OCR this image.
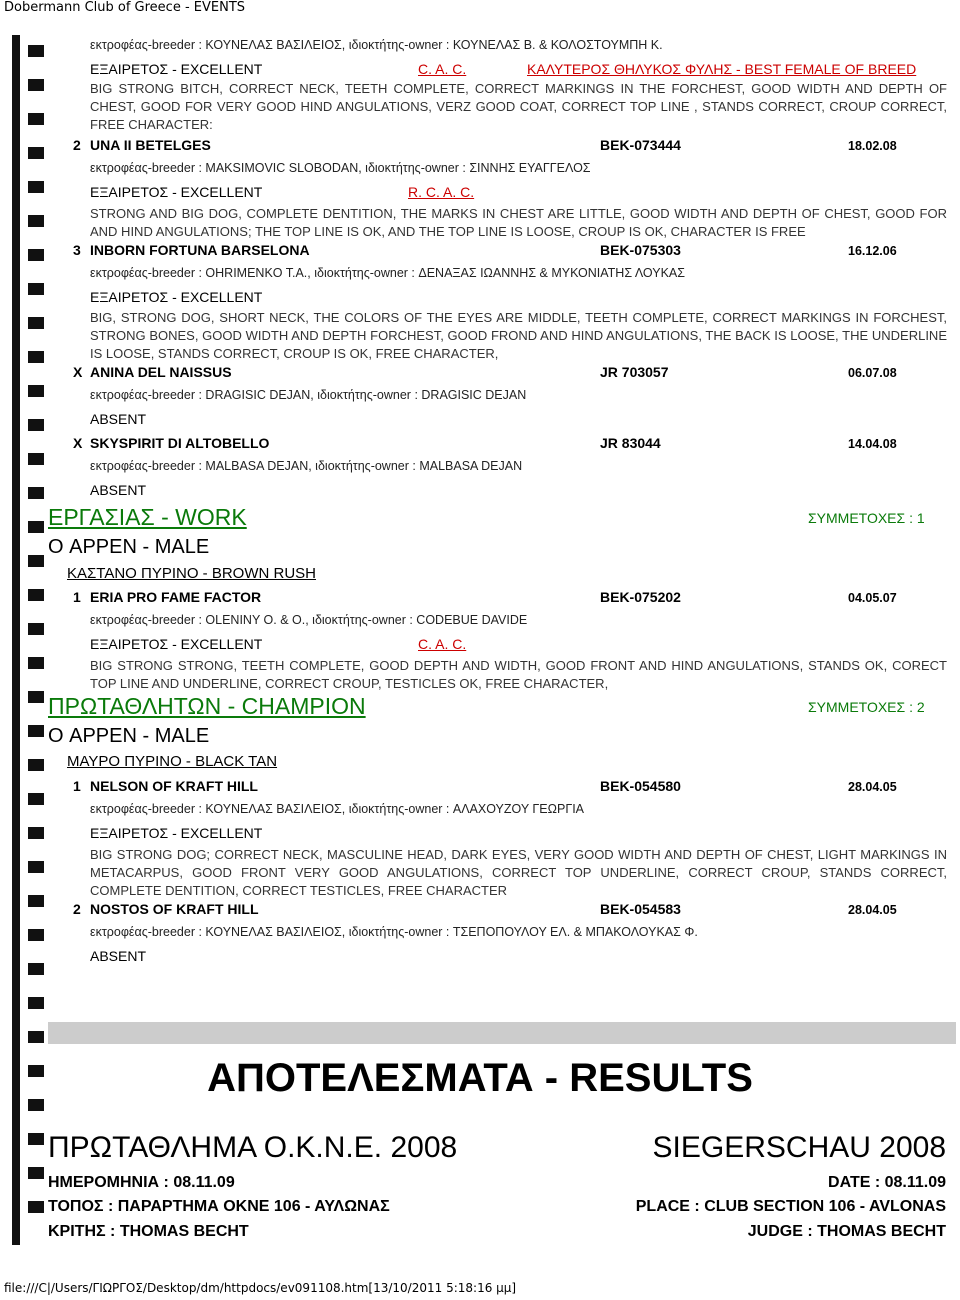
Dobermann Club of Greece - EVENTS
εκτροφέας-breeder : ΚΟΥΝΕΛΑΣ ΒΑΣΙΛΕΙΟΣ, ιδιοκτήτης-owner : ΚΟΥΝΕΛΑΣ Β. & ΚΟΛΟΣΤΟΥΜΠΗ Κ.
ΕΞΑΙΡΕΤΟΣ - EXCELLENT	C. A. C.	ΚΑΛΥΤΕΡΟΣ ΘΗΛΥΚΟΣ ΦΥΛΗΣ - BEST FEMALE OF BREED
BIG STRONG BITCH, CORRECT NECK, TEETH COMPLETE, CORRECT MARKINGS IN THE FORCHEST, GOOD WIDTH AND DEPTH OF CHEST, GOOD FOR VERY GOOD HIND ANGULATIONS, VERZ GOOD COAT, CORRECT TOP LINE , STANDS CORRECT, CROUP CORRECT, FREE CHARACTER:
2 UNA II BETELGES	BEK-073444	18.02.08
εκτροφέας-breeder : MAKSIMOVIC SLOBODAN, ιδιοκτήτης-owner : ΣΙΝΝΗΣ ΕΥΑΓΓΕΛΟΣ
ΕΞΑΙΡΕΤΟΣ - EXCELLENT	R. C. A. C.
STRONG AND BIG DOG, COMPLETE DENTITION, THE MARKS IN CHEST ARE LITTLE, GOOD WIDTH AND DEPTH OF CHEST, GOOD FOR AND HIND ANGULATIONS; THE TOP LINE IS OK, AND THE TOP LINE IS LOOSE, CROUP IS OK, CHARACTER IS FREE
3 INBORN FORTUNA BARSELONA	BEK-075303	16.12.06
εκτροφέας-breeder : OHRIMENKO T.A., ιδιοκτήτης-owner : ΔΕΝΑΞΑΣ ΙΩΑΝΝΗΣ & ΜΥΚΟΝΙΑΤΗΣ ΛΟΥΚΑΣ
ΕΞΑΙΡΕΤΟΣ - EXCELLENT
BIG, STRONG DOG, SHORT NECK, THE COLORS OF THE EYES ARE MIDDLE, TEETH COMPLETE, CORRECT MARKINGS IN FORCHEST, STRONG BONES, GOOD WIDTH AND DEPTH FORCHEST, GOOD FROND AND HIND ANGULATIONS, THE BACK IS LOOSE, THE UNDERLINE IS LOOSE, STANDS CORRECT, CROUP IS OK, FREE CHARACTER,
X ANINA DEL NAISSUS	JR 703057	06.07.08
εκτροφέας-breeder : DRAGISIC DEJAN, ιδιοκτήτης-owner : DRAGISIC DEJAN
ABSENT
X SKYSPIRIT DI ALTOBELLO	JR 83044	14.04.08
εκτροφέας-breeder : MALBASA DEJAN, ιδιοκτήτης-owner : MALBASA DEJAN
ABSENT
ΕΡΓΑΣΙΑΣ - WORK	ΣΥΜΜΕΤΟΧΕΣ : 1
Ο APPEN - MALE
ΚΑΣΤΑΝΟ ΠΥΡΙΝΟ - BROWN RUSH
1 ERIA PRO FAME FACTOR	BEK-075202	04.05.07
εκτροφέας-breeder : OLENINY O. & O., ιδιοκτήτης-owner : CODEBUE DAVIDE
ΕΞΑΙΡΕΤΟΣ - EXCELLENT	C. A. C.
BIG STRONG STRONG, TEETH COMPLETE, GOOD DEPTH AND WIDTH, GOOD FRONT AND HIND ANGULATIONS, STANDS OK, CORECT TOP LINE AND UNDERLINE, CORRECT CROUP, TESTICLES OK, FREE CHARACTER,
ΠΡΩΤΑΘΛΗΤΩΝ - CHAMPION	ΣΥΜΜΕΤΟΧΕΣ : 2
Ο APPEN - MALE
ΜΑΥΡΟ ΠΥΡΙΝΟ - BLACK TAN
1 NELSON OF KRAFT HILL	BEK-054580	28.04.05
εκτροφέας-breeder : ΚΟΥΝΕΛΑΣ ΒΑΣΙΛΕΙΟΣ, ιδιοκτήτης-owner : ΑΛΑΧΟΥΖΟΥ ΓΕΩΡΓΙΑ
ΕΞΑΙΡΕΤΟΣ - EXCELLENT
BIG STRONG DOG; CORRECT NECK, MASCULINE HEAD, DARK EYES, VERY GOOD WIDTH AND DEPTH OF CHEST, LIGHT MARKINGS IN METACARPUS, GOOD FRONT VERY GOOD ANGULATIONS, CORRECT TOP UNDERLINE, CORRECT CROUP, STANDS CORRECT, COMPLETE DENTITION, CORRECT TESTICLES, FREE CHARACTER
2 NOSTOS OF KRAFT HILL	BEK-054583	28.04.05
εκτροφέας-breeder : ΚΟΥΝΕΛΑΣ ΒΑΣΙΛΕΙΟΣ, ιδιοκτήτης-owner : ΤΣΕΠΟΠΟΥΛΟΥ ΕΛ. & ΜΠΑΚΟΛΟΥΚΑΣ Φ.
ABSENT
ΑΠΟΤΕΛΕΣΜΑΤΑ - RESULTS
ΠΡΩΤΑΘΛΗΜΑ Ο.Κ.Ν.Ε. 2008	SIEGERSCHAU 2008
ΗΜΕΡΟΜΗΝΙΑ : 08.11.09	DATE : 08.11.09
ΤΟΠΟΣ : ΠΑΡΑΡΤΗΜΑ ΟΚΝΕ 106 - ΑΥΛΩΝΑΣ	PLACE : CLUB SECTION 106 - AVLONAS
ΚΡΙΤΗΣ : THOMAS BECHT	JUDGE : THOMAS BECHT
file:///C|/Users/ΓΙΩΡΓΟΣ/Desktop/dm/httpdocs/ev091108.htm[13/10/2011 5:18:16 μμ]
